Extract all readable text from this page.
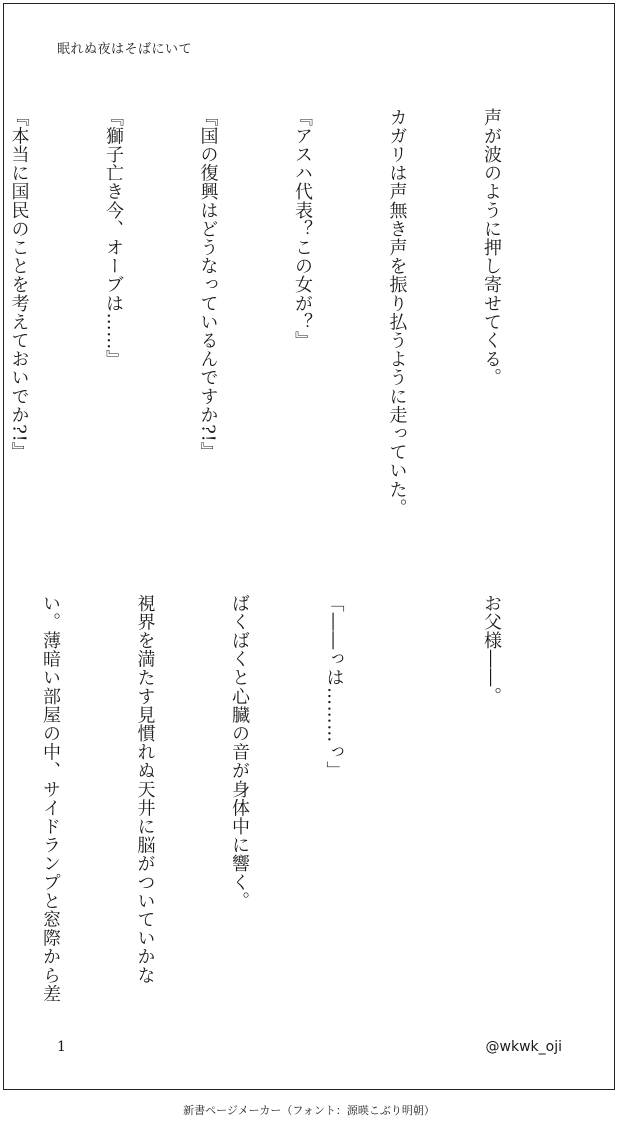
眠れぬ夜はそばにいて

声が波のように押し寄せてくる。

カガリは声無き声を振り払うように走っていた。

『アスハ代表？この女が？』

『国の復興はどうなっているんですか?!』

『獅子亡き今、オーブは……』

『本当に国民のことを考えておいでか?!』

お父様――。

「――っは………っ」

ばくばくと心臓の音が身体中に響く。

視界を満たす見慣れぬ天井に脳がついていかな

い。薄暗い部屋の中、サイドランプと窓際から差

1	@wkwk_oji
新書ページメーカー（フォント：源暎こぶり明朝）
